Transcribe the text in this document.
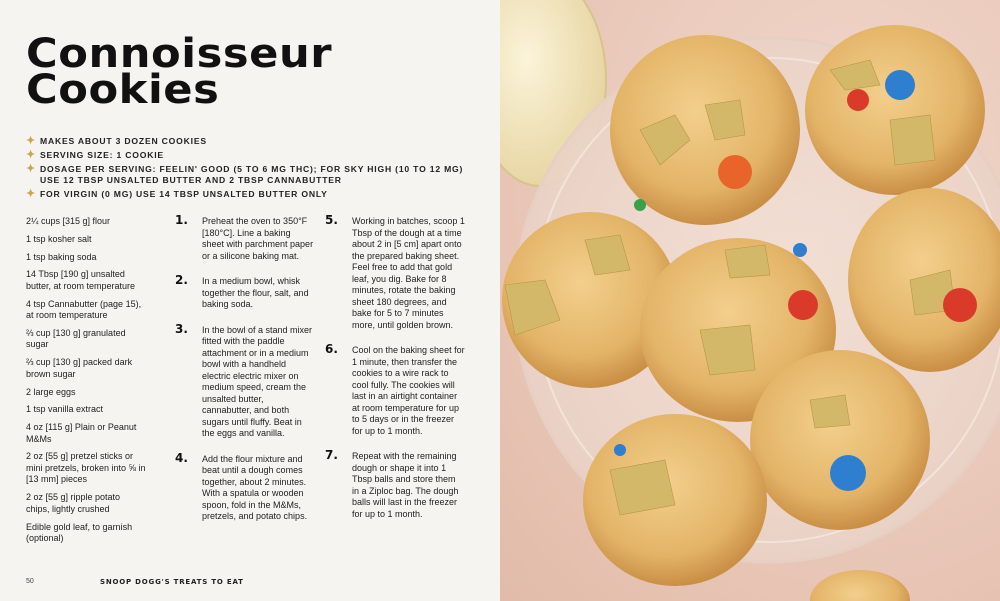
Connoisseur
Cookies
✦ MAKES ABOUT 3 DOZEN COOKIES
✦ SERVING SIZE: 1 COOKIE
✦ DOSAGE PER SERVING: FEELIN' GOOD (5 TO 6 MG THC); FOR SKY HIGH (10 TO 12 MG) USE 12 TBSP UNSALTED BUTTER AND 2 TBSP CANNABUTTER
✦ FOR VIRGIN (0 MG) USE 14 TBSP UNSALTED BUTTER ONLY
2¼ cups [315 g] flour
1 tsp kosher salt
1 tsp baking soda
14 Tbsp [190 g] unsalted butter, at room temperature
4 tsp Cannabutter (page 15), at room temperature
⅔ cup [130 g] granulated sugar
⅔ cup [130 g] packed dark brown sugar
2 large eggs
1 tsp vanilla extract
4 oz [115 g] Plain or Peanut M&Ms
2 oz [55 g] pretzel sticks or mini pretzels, broken into ⅝ in [13 mm] pieces
2 oz [55 g] ripple potato chips, lightly crushed
Edible gold leaf, to garnish (optional)
1. Preheat the oven to 350°F [180°C]. Line a baking sheet with parchment paper or a silicone baking mat.
2. In a medium bowl, whisk together the flour, salt, and baking soda.
3. In the bowl of a stand mixer fitted with the paddle attachment or in a medium bowl with a handheld electric electric mixer on medium speed, cream the unsalted butter, cannabutter, and both sugars until fluffy. Beat in the eggs and vanilla.
4. Add the flour mixture and beat until a dough comes together, about 2 minutes. With a spatula or wooden spoon, fold in the M&Ms, pretzels, and potato chips.
5. Working in batches, scoop 1 Tbsp of the dough at a time about 2 in [5 cm] apart onto the prepared baking sheet. Feel free to add that gold leaf, you dig. Bake for 8 minutes, rotate the baking sheet 180 degrees, and bake for 5 to 7 minutes more, until golden brown.
6. Cool on the baking sheet for 1 minute, then transfer the cookies to a wire rack to cool fully. The cookies will last in an airtight container at room temperature for up to 5 days or in the freezer for up to 1 month.
7. Repeat with the remaining dough or shape it into 1 Tbsp balls and store them in a Ziploc bag. The dough balls will last in the freezer for up to 1 month.
50	SNOOP DOGG'S TREATS TO EAT
